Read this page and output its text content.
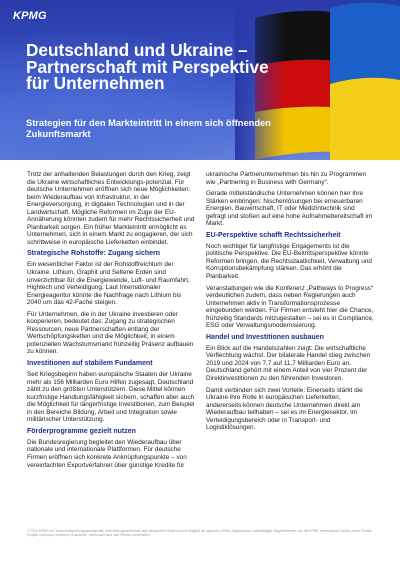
KPMG
Deutschland und Ukraine – Partnerschaft mit Perspektive für Unternehmen

Strategien für den Markteintritt in einem sich öffnenden Zukunftsmarkt

Trotz der anhaltenden Belastungen durch den Krieg, zeigt die Ukraine wirtschaftliches Entwicklungs-potenzial. Für deutsche Unternehmen eröffnen sich neue Möglichkeiten: beim Wiederaufbau von Infrastruktur, in der Energieversorgung, in digitalen Technologien und in der Landwirtschaft. Mögliche Reformen im Zuge der EU-Annäherung könnten zudem für mehr Rechtssicherheit und Planbarkeit sorgen. Ein früher Markteintritt ermöglicht es Unternehmen, sich in einem Markt zu engagieren, der sich schrittweise in europäische Lieferketten einbindet.

Strategische Rohstoffe: Zugang sichern

Ein wesentlicher Faktor ist der Rohstoffreichtum der Ukraine. Lithium, Graphit und Seltene Erden sind unverzichtbar für die Energiewende, Luft- und Raumfahrt, Hightech und Verteidigung. Laut Internationaler Energieagentur könnte die Nachfrage nach Lithium bis 2040 um das 42-Fache steigen.

Für Unternehmen, die in der Ukraine investieren oder kooperieren, bedeutet das: Zugang zu strategischen Ressourcen, neue Partnerschaften entlang der Wertschöpfungsketten und die Möglichkeit, in einem potenziellen Wachstumsmarkt frühzeitig Präsenz aufbauen zu können.

Investitionen auf stabilem Fundament

Seit Kriegsbeginn haben europäische Staaten der Ukraine mehr als 156 Milliarden Euro Hilfen zugesagt, Deutschland zählt zu den größten Unterstützern. Diese Mittel können kurzfristige Handlungsfähigkeit sichern, schaffen aber auch die Möglichkeit für längerfristige Investitionen, zum Beispiel in den Bereiche Bildung, Arbeit und Integration sowie militärischer Unterstützung.

Förderprogramme gezielt nutzen

Die Bundesregierung begleitet den Wiederaufbau über nationale und internationale Plattformen. Für deutsche Firmen eröffnen sich konkrete Anknüpfungspunkte – von vereinfachten Exportverfahren über günstige Kredite für

ukrainische Partnerunternehmen bis hin zu Programmen wie „Partnering in Business with Germany“.

Gerade mittelständische Unternehmen können hier ihre Stärken einbringen: Nischenlösungen bei erneuerbaren Energien, Bauwirtschaft, IT oder Medizintechnik sind gefragt und stoßen auf eine hohe Aufnahmebereitschaft im Markt.

EU-Perspektive schafft Rechtssicherheit

Noch wichtiger für langfristige Engagements ist die politische Perspektive. Die EU-Beitrittsperspektive könnte Reformen bringen, die Rechtsstaatlichkeit, Verwaltung und Korruptionsbekämpfung stärken. Das erhöht die Planbarkeit.

Veranstaltungen wie die Konferenz „Pathways to Progress“ verdeutlichen zudem, dass neben Regierungen auch Unternehmen aktiv in Transformationsprozesse eingebunden werden. Für Firmen entsteht hier die Chance, frühzeitig Standards mitzugestalten – sei es in Compliance, ESG oder Verwaltungsmodernisierung.

Handel und Investitionen ausbauen

Ein Blick auf die Handelszahlen zeigt: Die wirtschaftliche Verflechtung wächst. Der bilaterale Handel stieg zwischen 2019 und 2024 von 7,7 auf 11,7 Milliarden Euro an. Deutschland gehört mit einem Anteil von vier Prozent der Direktinvestitionen zu den führenden Investoren.

Damit verbinden sich zwei Vorteile: Einerseits stärkt die Ukraine ihre Rolle in europäischen Lieferketten, andererseits können deutsche Unternehmen direkt am Wiederaufbau teilhaben – sei es im Energiesektor, im Verteidigungsbereich oder in Transport- und Logistiklösungen.

© 2025 KPMG AG Wirtschaftsprüfungsgesellschaft, eine Aktiengesellschaft nach deutschem Recht und ein Mitglied der globalen KPMG-Organisation unabhängiger Mitgliedsfirmen, die mit KPMG International Limited, einer Private English Company Limited by Guarantee, verbunden sind. Alle Rechte vorbehalten.
